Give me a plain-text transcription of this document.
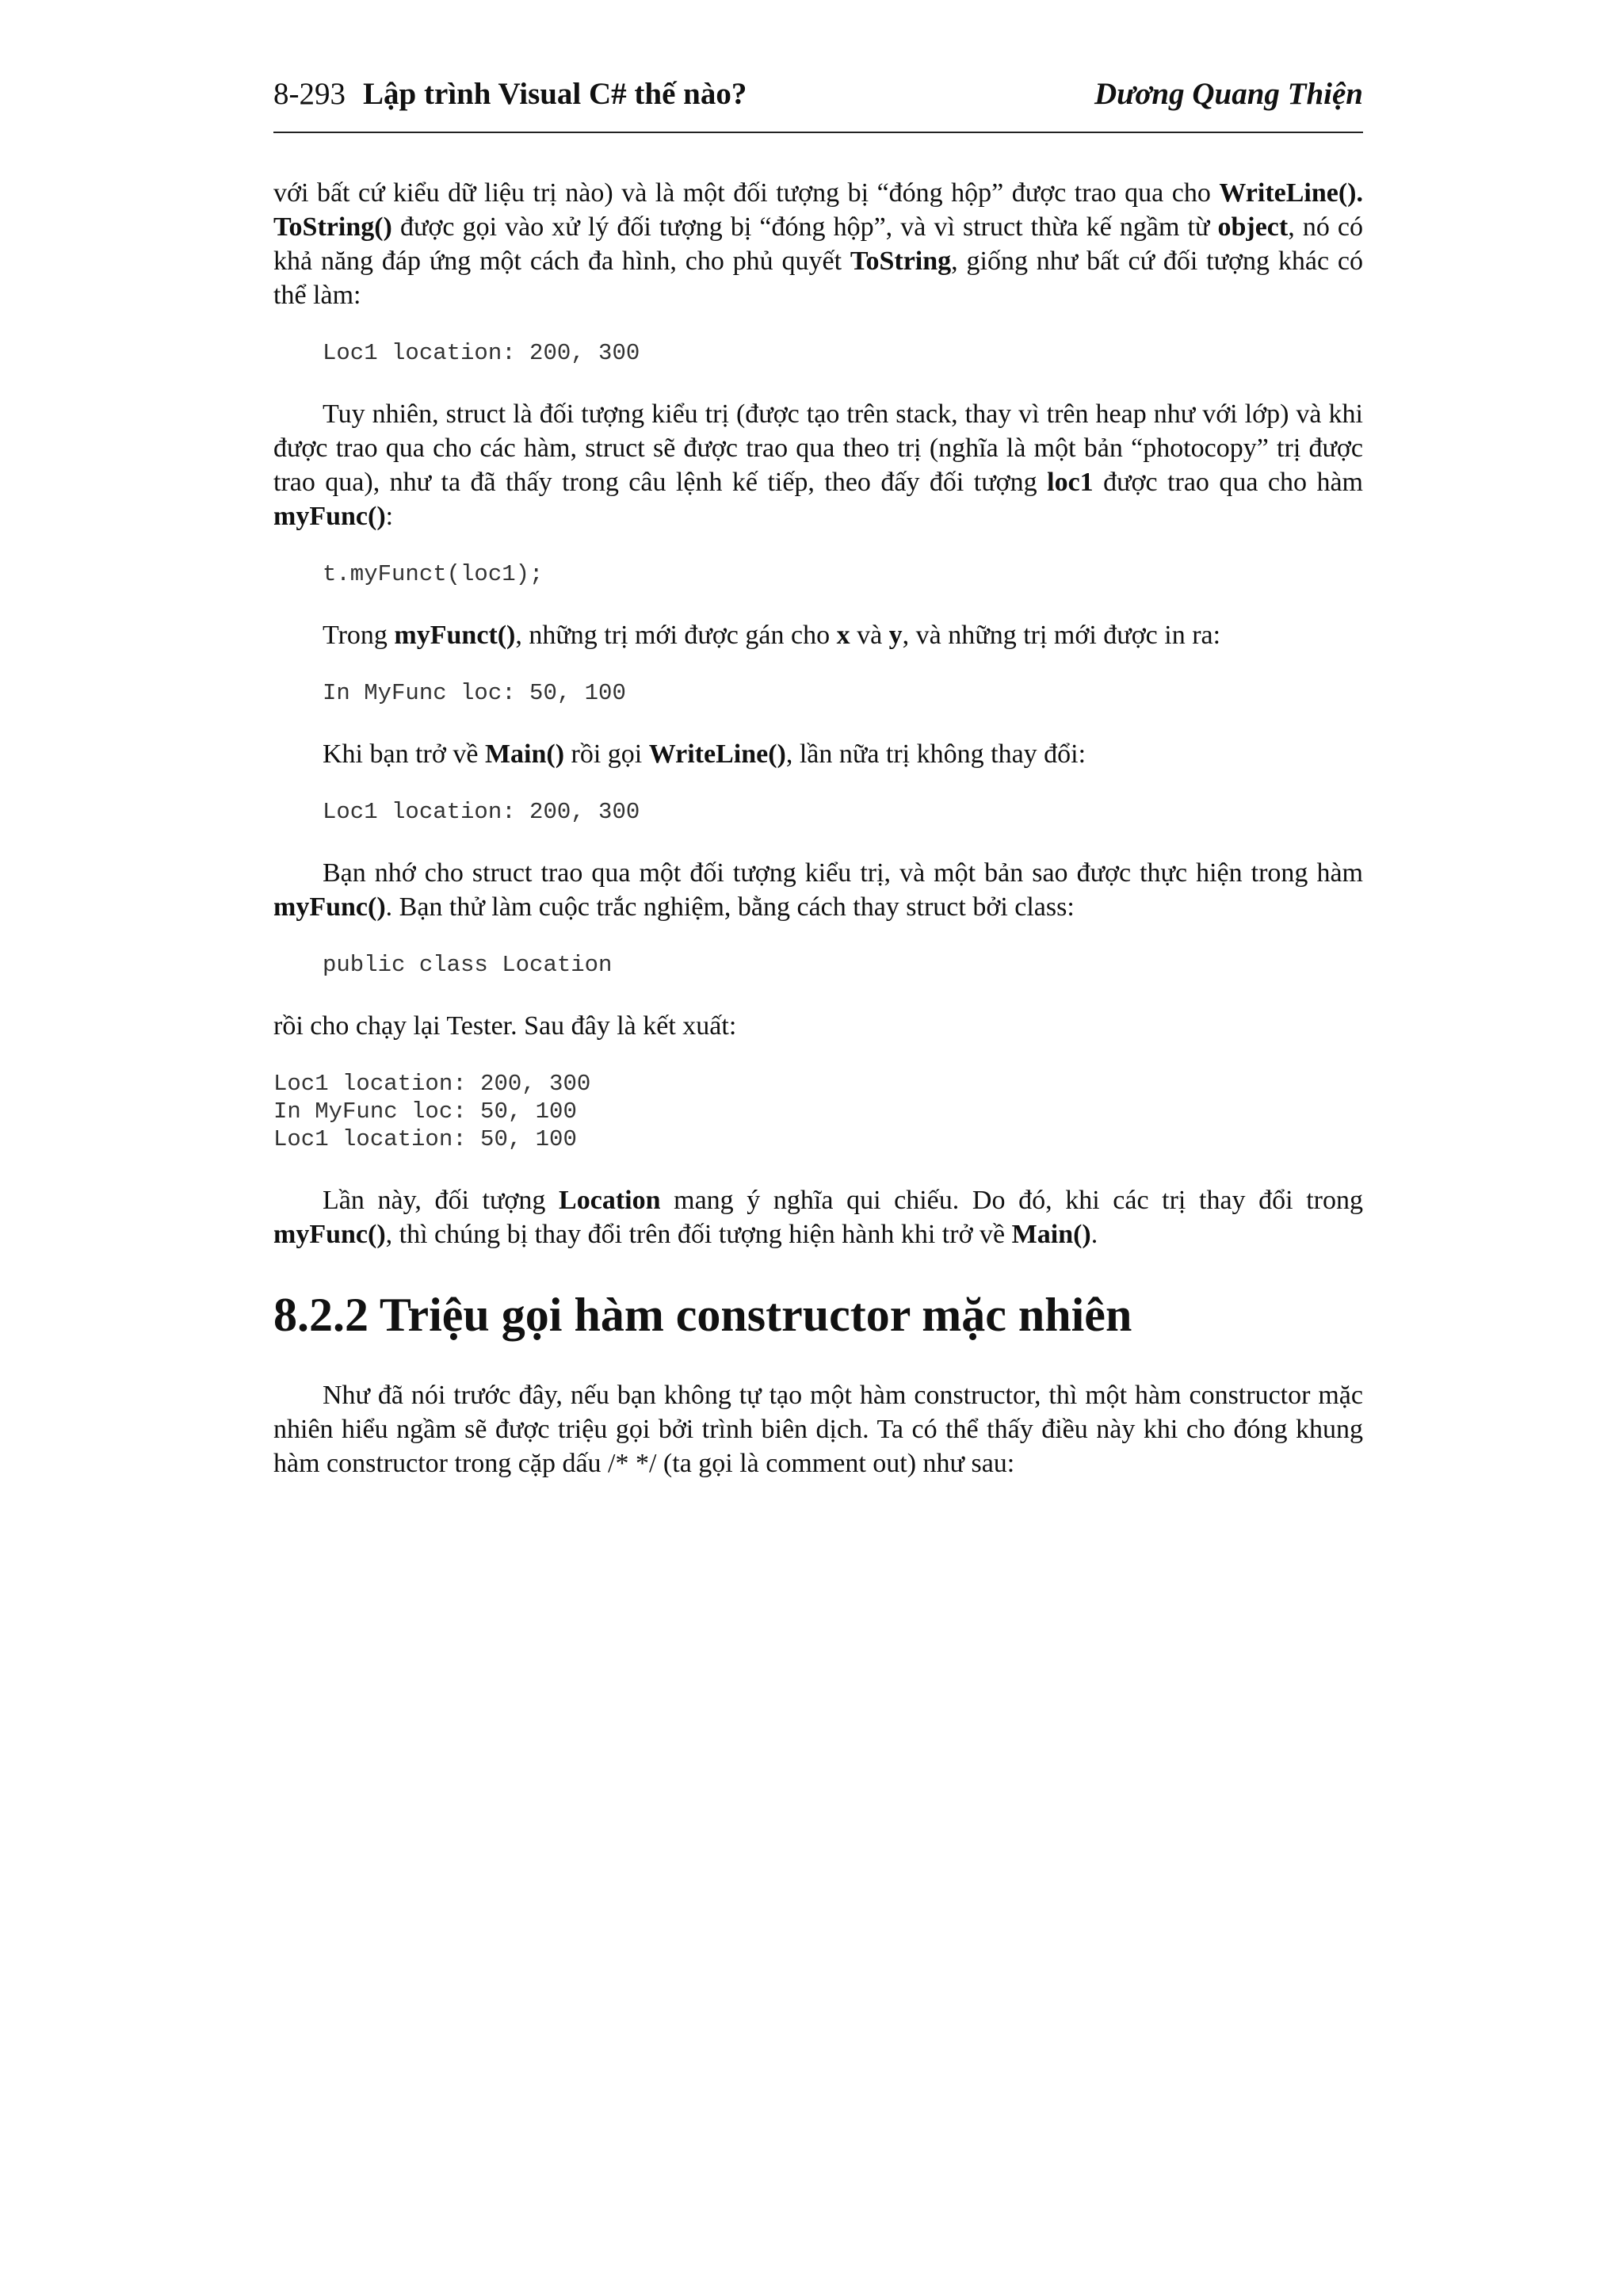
8-293 Lập trình Visual C# thế nào?	Dương Quang Thiện

với bất cứ kiểu dữ liệu trị nào) và là một đối tượng bị “đóng hộp” được trao qua cho WriteLine(). ToString() được gọi vào xử lý đối tượng bị “đóng hộp”, và vì struct thừa kế ngầm từ object, nó có khả năng đáp ứng một cách đa hình, cho phủ quyết ToString, giống như bất cứ đối tượng khác có thể làm:

Loc1 location: 200, 300

Tuy nhiên, struct là đối tượng kiểu trị (được tạo trên stack, thay vì trên heap như với lớp) và khi được trao qua cho các hàm, struct sẽ được trao qua theo trị (nghĩa là một bản “photocopy” trị được trao qua), như ta đã thấy trong câu lệnh kế tiếp, theo đấy đối tượng loc1 được trao qua cho hàm myFunc():

t.myFunct(loc1);

Trong myFunct(), những trị mới được gán cho x và y, và những trị mới được in ra:

In MyFunc loc: 50, 100

Khi bạn trở về Main() rồi gọi WriteLine(), lần nữa trị không thay đổi:

Loc1 location: 200, 300

Bạn nhớ cho struct trao qua một đối tượng kiểu trị, và một bản sao được thực hiện trong hàm myFunc(). Bạn thử làm cuộc trắc nghiệm, bằng cách thay struct bởi class:

public class Location

rồi cho chạy lại Tester. Sau đây là kết xuất:

Loc1 location: 200, 300
In MyFunc loc: 50, 100
Loc1 location: 50, 100

Lần này, đối tượng Location mang ý nghĩa qui chiếu. Do đó, khi các trị thay đổi trong myFunc(), thì chúng bị thay đổi trên đối tượng hiện hành khi trở về Main().

8.2.2 Triệu gọi hàm constructor mặc nhiên

Như đã nói trước đây, nếu bạn không tự tạo một hàm constructor, thì một hàm constructor mặc nhiên hiểu ngầm sẽ được triệu gọi bởi trình biên dịch. Ta có thể thấy điều này khi cho đóng khung hàm constructor trong cặp dấu /* */ (ta gọi là comment out) như sau:
